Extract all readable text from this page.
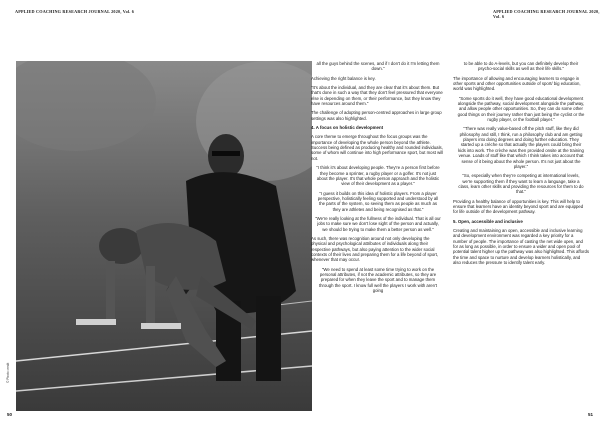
APPLIED COACHING RESEARCH JOURNAL 2020, Vol. 6	APPLIED COACHING RESEARCH JOURNAL 2020, Vol. 6
© Photo credit

all the guys behind the scenes, and if I don't do it I'm letting them down."

Achieving the right balance is key.

"It's about the individual, and they are clear that it's about them. But that's done in such a way that they don't feel pressured that everyone else is depending on them, or their performance, but they know they have resources around them."

The challenge of adopting person-centred approaches in large group settings was also highlighted.

4. A focus on holistic development

A core theme to emerge throughout the focus groups was the importance of developing the whole person beyond the athlete. Success being defined as producing healthy and rounded individuals, some of whom will continue into high performance sport, but most will not.

"I think it's about developing people. They're a person first before they become a sprinter, a rugby player or a golfer. It's not just about the player. It's that whole person approach and the holistic view of their development as a player."

"I guess it builds on this idea of holistic players. From a player perspective, holistically feeling supported and understood by all the parts of the system, so seeing them as people as much as they are athletes and being recognised as that."

"We're really looking at the fullness of the individual. That is all our jobs to make sure we don't lose sight of the person and actually, we should be trying to make them a better person as well."

As such, there was recognition around not only developing the physical and psychological attributes of individuals along their respective pathways, but also paying attention to the wider social contexts of their lives and preparing them for a life beyond of sport, whenever that may occur.

"We need to spend at least some time trying to work on the personal attributes, if not the academic attributes, so they are prepared for when they leave the sport and to manage them through the sport. I know full well the players I work with aren't going

to be able to do A-levels, but you can definitely develop their psycho-social skills as well as their life skills."

The importance of allowing and encouraging learners to engage in other sports and other opportunities outside of sport/ big education, world was highlighted.

"Some sports do it well, they have good educational development alongside the pathway, social development alongside the pathway, and allow people other opportunities. So, they can do some other good things on their journey rather than just being the cyclist or the rugby player, or the football player."

"There was really value-based off the pitch stuff, like they did philosophy and still, I think, run a philosophy club and am getting players into doing degrees and doing further education. They started up a crèche so that actually the players could bring their kids into work. The crèche was then provided onsite at the training venue. Loads of stuff like that which I think takes into account that sense of it being about the whole person. It's not just about the player."

"So, especially when they're competing at international levels, we're supporting them if they want to learn a language, take a class, learn other skills and providing the resources for them to do that."

Providing a healthy balance of opportunities is key. This will help to ensure that learners have an identity beyond sport and are equipped for life outside of the development pathway.

5. Open, accessible and inclusive

Creating and maintaining an open, accessible and inclusive learning and development environment was regarded a key priority for a number of people. The importance of casting the net wide open, and for as long as possible, in order to ensure a wider and open pool of potential talent higher up the pathway was also highlighted. This affords the time and space to nurture and develop learners holistically, and also reduces the pressure to identify talent early.

50	51
